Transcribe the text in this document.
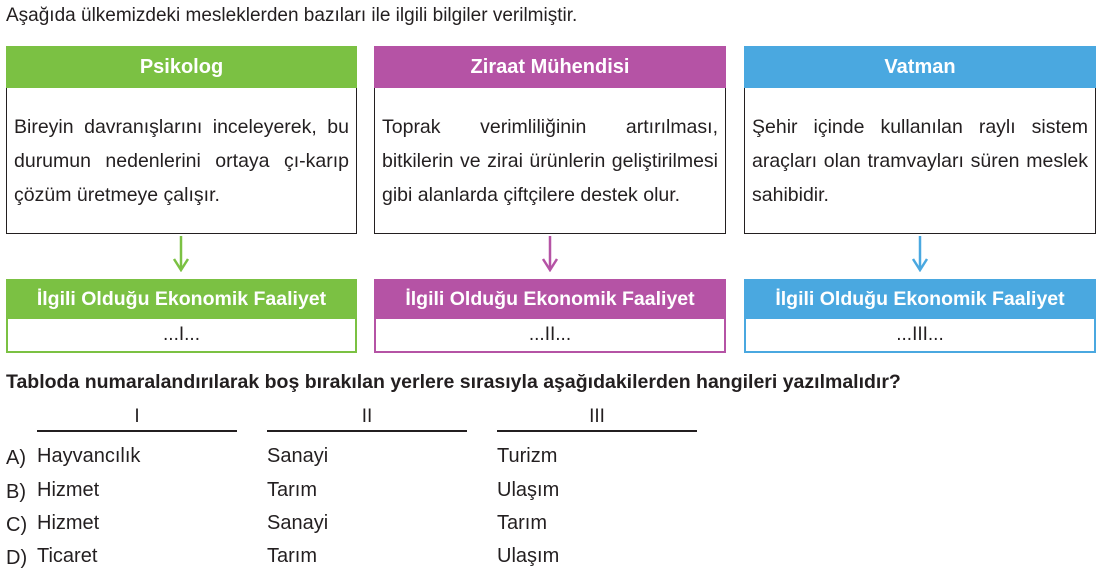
Aşağıda ülkemizdeki mesleklerden bazıları ile ilgili bilgiler verilmiştir.
Psikolog
Bireyin davranışlarını inceleyerek, bu durumun nedenlerini ortaya çı-karıp çözüm üretmeye çalışır.
Ziraat Mühendisi
Toprak verimliliğinin artırılması, bitkilerin ve zirai ürünlerin geliştirilmesi gibi alanlarda çiftçilere destek olur.
Vatman
Şehir içinde kullanılan raylı sistem araçları olan tramvayları süren meslek sahibidir.
İlgili Olduğu Ekonomik Faaliyet
...I...
İlgili Olduğu Ekonomik Faaliyet
...II...
İlgili Olduğu Ekonomik Faaliyet
...III...
Tabloda numaralandırılarak boş bırakılan yerlere sırasıyla aşağıdakilerden hangileri yazılmalıdır?
I	II	III
A) Hayvancılık	Sanayi	Turizm
B) Hizmet	Tarım	Ulaşım
C) Hizmet	Sanayi	Tarım
D) Ticaret	Tarım	Ulaşım
